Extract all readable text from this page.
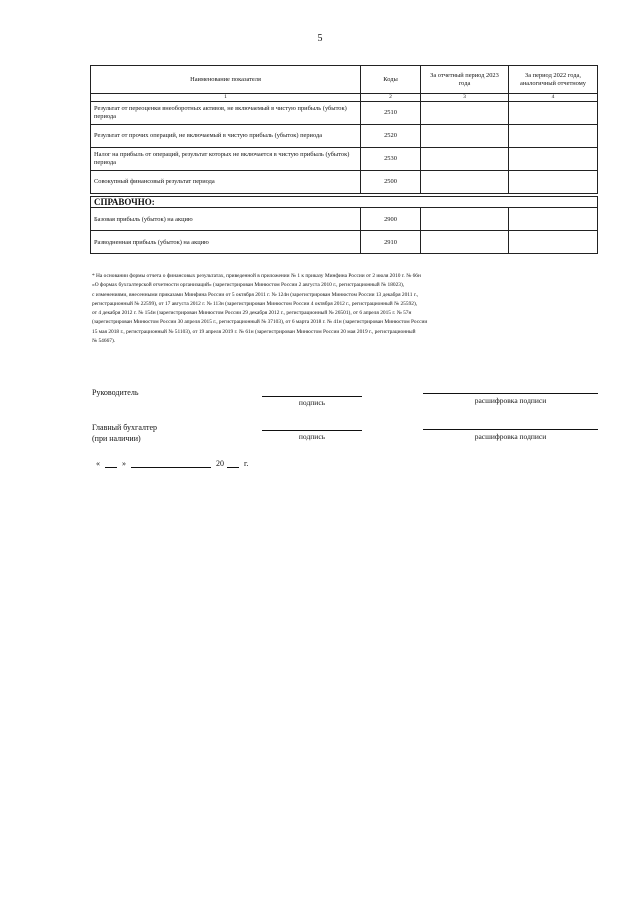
5
Наименование показателя	Коды	За отчетный период 2023 года	За период 2022 года, аналогичный отчетному
1	2	3	4
Результат от переоценки внеоборотных активов, не включаемый в чистую прибыль (убыток) периода	2510		
Результат от прочих операций, не включаемый в чистую прибыль (убыток) периода	2520		
Налог на прибыль от операций, результат которых не включается в чистую прибыль (убыток) периода	2530		
Совокупный финансовый результат периода	2500		

СПРАВОЧНО:			
Базовая прибыль (убыток) на акцию	2900		
Разводненная прибыль (убыток) на акцию	2910		

* На основании формы отчета о финансовых результатах, приведенной в приложении № 1 к приказу Минфина России от 2 июля 2010 г. № 66н

«О формах бухгалтерской отчетности организаций» (зарегистрирован Минюстом России 2 августа 2010 г., регистрационный № 18023),

с изменениями, внесенными приказами Минфина России от 5 октября 2011 г. № 124н (зарегистрирован Минюстом России 13 декабря 2011 г.,

регистрационный № 22599), от 17 августа 2012 г. № 113н (зарегистрирован Минюстом России 4 октября 2012 г., регистрационный № 25592),

от 4 декабря 2012 г. № 154н (зарегистрирован Минюстом России 29 декабря 2012 г., регистрационный № 26501), от 6 апреля 2015 г. № 57н

(зарегистрирован Минюстом России 30 апреля 2015 г., регистрационный № 37103), от 6 марта 2018 г. № 41н (зарегистрирован Минюстом России

15 мая 2018 г., регистрационный № 51103), от 19 апреля 2019 г. № 61н (зарегистрирован Минюстом России 20 мая 2019 г., регистрационный

№ 54667).

Руководитель
подпись	расшифровка подписи
Главный бухгалтер
(при наличии)	подпись	расшифровка подписи
«	»	20	г.
